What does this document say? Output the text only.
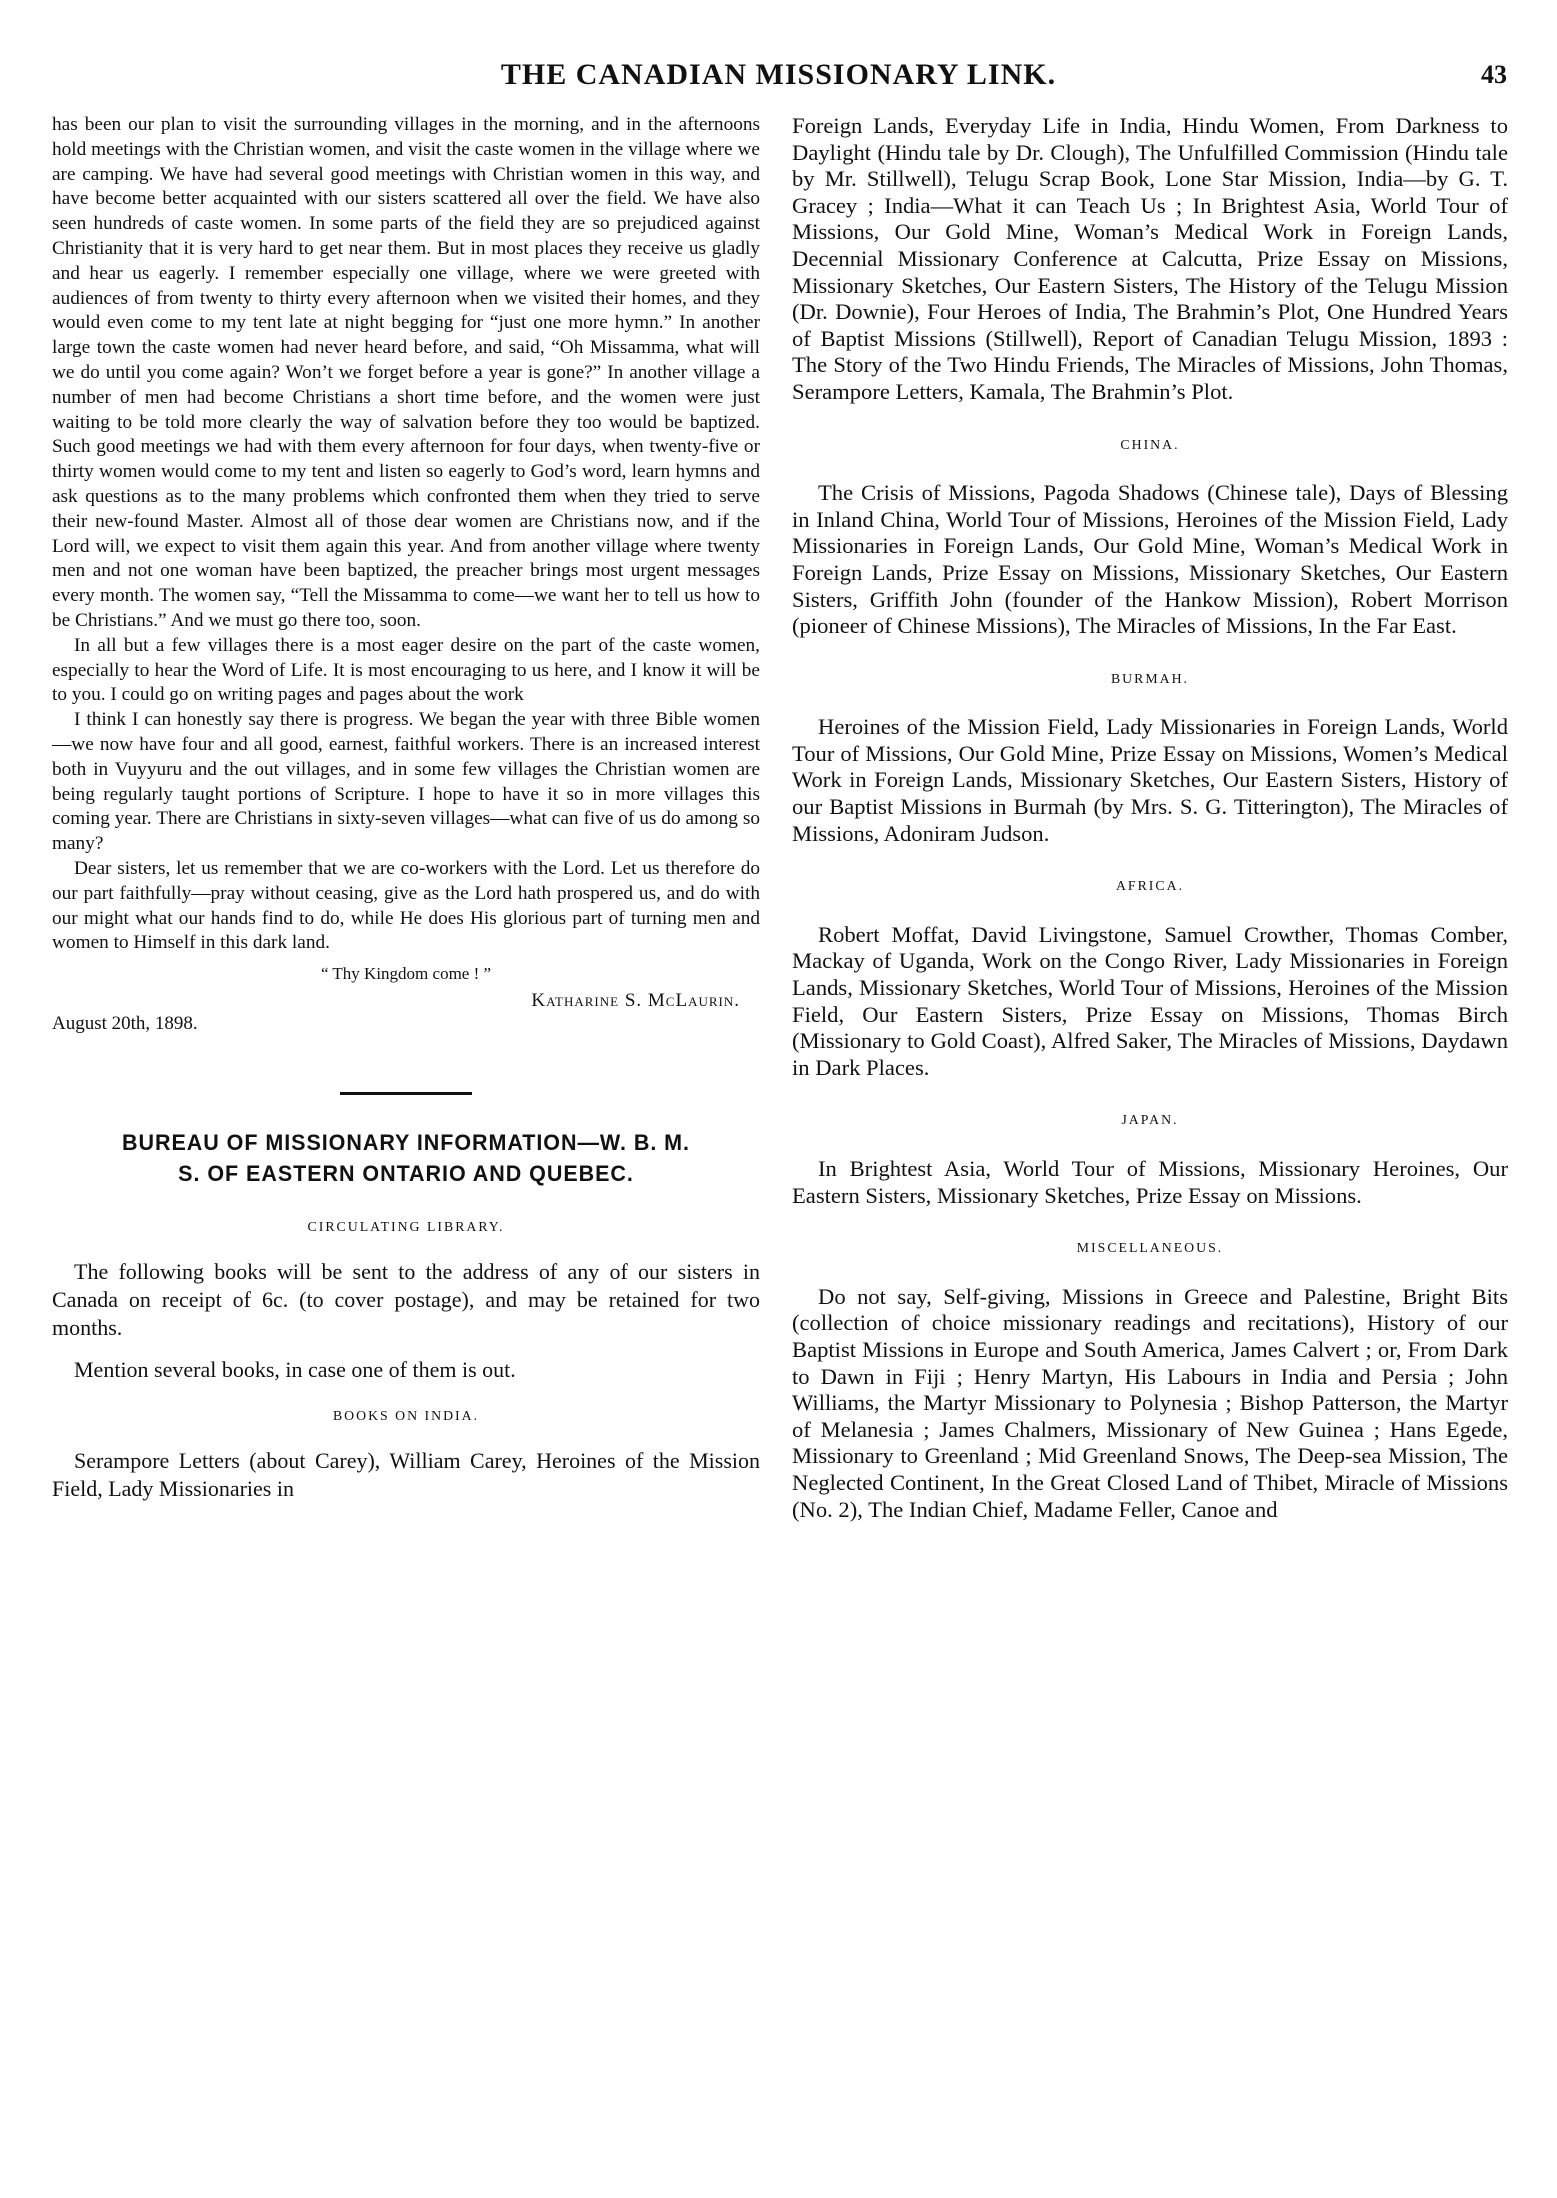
THE CANADIAN MISSIONARY LINK.	43

has been our plan to visit the surrounding villages in the morning, and in the afternoons hold meetings with the Christian women, and visit the caste women in the village where we are camping. We have had several good meetings with Christian women in this way, and have become better acquainted with our sisters scattered all over the field. We have also seen hundreds of caste women. In some parts of the field they are so prejudiced against Christianity that it is very hard to get near them. But in most places they receive us gladly and hear us eagerly. I remember especially one village, where we were greeted with audiences of from twenty to thirty every afternoon when we visited their homes, and they would even come to my tent late at night begging for “just one more hymn.” In another large town the caste women had never heard before, and said, “Oh Missamma, what will we do until you come again? Won’t we forget before a year is gone?” In another village a number of men had become Christians a short time before, and the women were just waiting to be told more clearly the way of salvation before they too would be baptized. Such good meetings we had with them every afternoon for four days, when twenty-five or thirty women would come to my tent and listen so eagerly to God’s word, learn hymns and ask questions as to the many problems which confronted them when they tried to serve their new-found Master. Almost all of those dear women are Christians now, and if the Lord will, we expect to visit them again this year. And from another village where twenty men and not one woman have been baptized, the preacher brings most urgent messages every month. The women say, “Tell the Missamma to come—we want her to tell us how to be Christians.” And we must go there too, soon.

In all but a few villages there is a most eager desire on the part of the caste women, especially to hear the Word of Life. It is most encouraging to us here, and I know it will be to you. I could go on writing pages and pages about the work

I think I can honestly say there is progress. We began the year with three Bible women—we now have four and all good, earnest, faithful workers. There is an increased interest both in Vuyyuru and the out villages, and in some few villages the Christian women are being regularly taught portions of Scripture. I hope to have it so in more villages this coming year. There are Christians in sixty-seven villages—what can five of us do among so many?

Dear sisters, let us remember that we are co-workers with the Lord. Let us therefore do our part faithfully—pray without ceasing, give as the Lord hath prospered us, and do with our might what our hands find to do, while He does His glorious part of turning men and women to Himself in this dark land.

“ Thy Kingdom come ! ”
Katharine S. McLaurin.
August 20th, 1898.
BUREAU OF MISSIONARY INFORMATION—W. B. M.
S. OF EASTERN ONTARIO AND QUEBEC.
CIRCULATING LIBRARY.

The following books will be sent to the address of any of our sisters in Canada on receipt of 6c. (to cover postage), and may be retained for two months.

Mention several books, in case one of them is out.

BOOKS ON INDIA.

Serampore Letters (about Carey), William Carey, Heroines of the Mission Field, Lady Missionaries in

Foreign Lands, Everyday Life in India, Hindu Women, From Darkness to Daylight (Hindu tale by Dr. Clough), The Unfulfilled Commission (Hindu tale by Mr. Stillwell), Telugu Scrap Book, Lone Star Mission, India—by G. T. Gracey ; India—What it can Teach Us ; In Brightest Asia, World Tour of Missions, Our Gold Mine, Woman’s Medical Work in Foreign Lands, Decennial Missionary Conference at Calcutta, Prize Essay on Missions, Missionary Sketches, Our Eastern Sisters, The History of the Telugu Mission (Dr. Downie), Four Heroes of India, The Brahmin’s Plot, One Hundred Years of Baptist Missions (Stillwell), Report of Canadian Telugu Mission, 1893 : The Story of the Two Hindu Friends, The Miracles of Missions, John Thomas, Serampore Letters, Kamala, The Brahmin’s Plot.

CHINA.

The Crisis of Missions, Pagoda Shadows (Chinese tale), Days of Blessing in Inland China, World Tour of Missions, Heroines of the Mission Field, Lady Missionaries in Foreign Lands, Our Gold Mine, Woman’s Medical Work in Foreign Lands, Prize Essay on Missions, Missionary Sketches, Our Eastern Sisters, Griffith John (founder of the Hankow Mission), Robert Morrison (pioneer of Chinese Missions), The Miracles of Missions, In the Far East.

BURMAH.

Heroines of the Mission Field, Lady Missionaries in Foreign Lands, World Tour of Missions, Our Gold Mine, Prize Essay on Missions, Women’s Medical Work in Foreign Lands, Missionary Sketches, Our Eastern Sisters, History of our Baptist Missions in Burmah (by Mrs. S. G. Titterington), The Miracles of Missions, Adoniram Judson.

AFRICA.

Robert Moffat, David Livingstone, Samuel Crowther, Thomas Comber, Mackay of Uganda, Work on the Congo River, Lady Missionaries in Foreign Lands, Missionary Sketches, World Tour of Missions, Heroines of the Mission Field, Our Eastern Sisters, Prize Essay on Missions, Thomas Birch (Missionary to Gold Coast), Alfred Saker, The Miracles of Missions, Daydawn in Dark Places.

JAPAN.

In Brightest Asia, World Tour of Missions, Missionary Heroines, Our Eastern Sisters, Missionary Sketches, Prize Essay on Missions.

MISCELLANEOUS.

Do not say, Self-giving, Missions in Greece and Palestine, Bright Bits (collection of choice missionary readings and recitations), History of our Baptist Missions in Europe and South America, James Calvert ; or, From Dark to Dawn in Fiji ; Henry Martyn, His Labours in India and Persia ; John Williams, the Martyr Missionary to Polynesia ; Bishop Patterson, the Martyr of Melanesia ; James Chalmers, Missionary of New Guinea ; Hans Egede, Missionary to Greenland ; Mid Greenland Snows, The Deep-sea Mission, The Neglected Continent, In the Great Closed Land of Thibet, Miracle of Missions (No. 2), The Indian Chief, Madame Feller, Canoe and
